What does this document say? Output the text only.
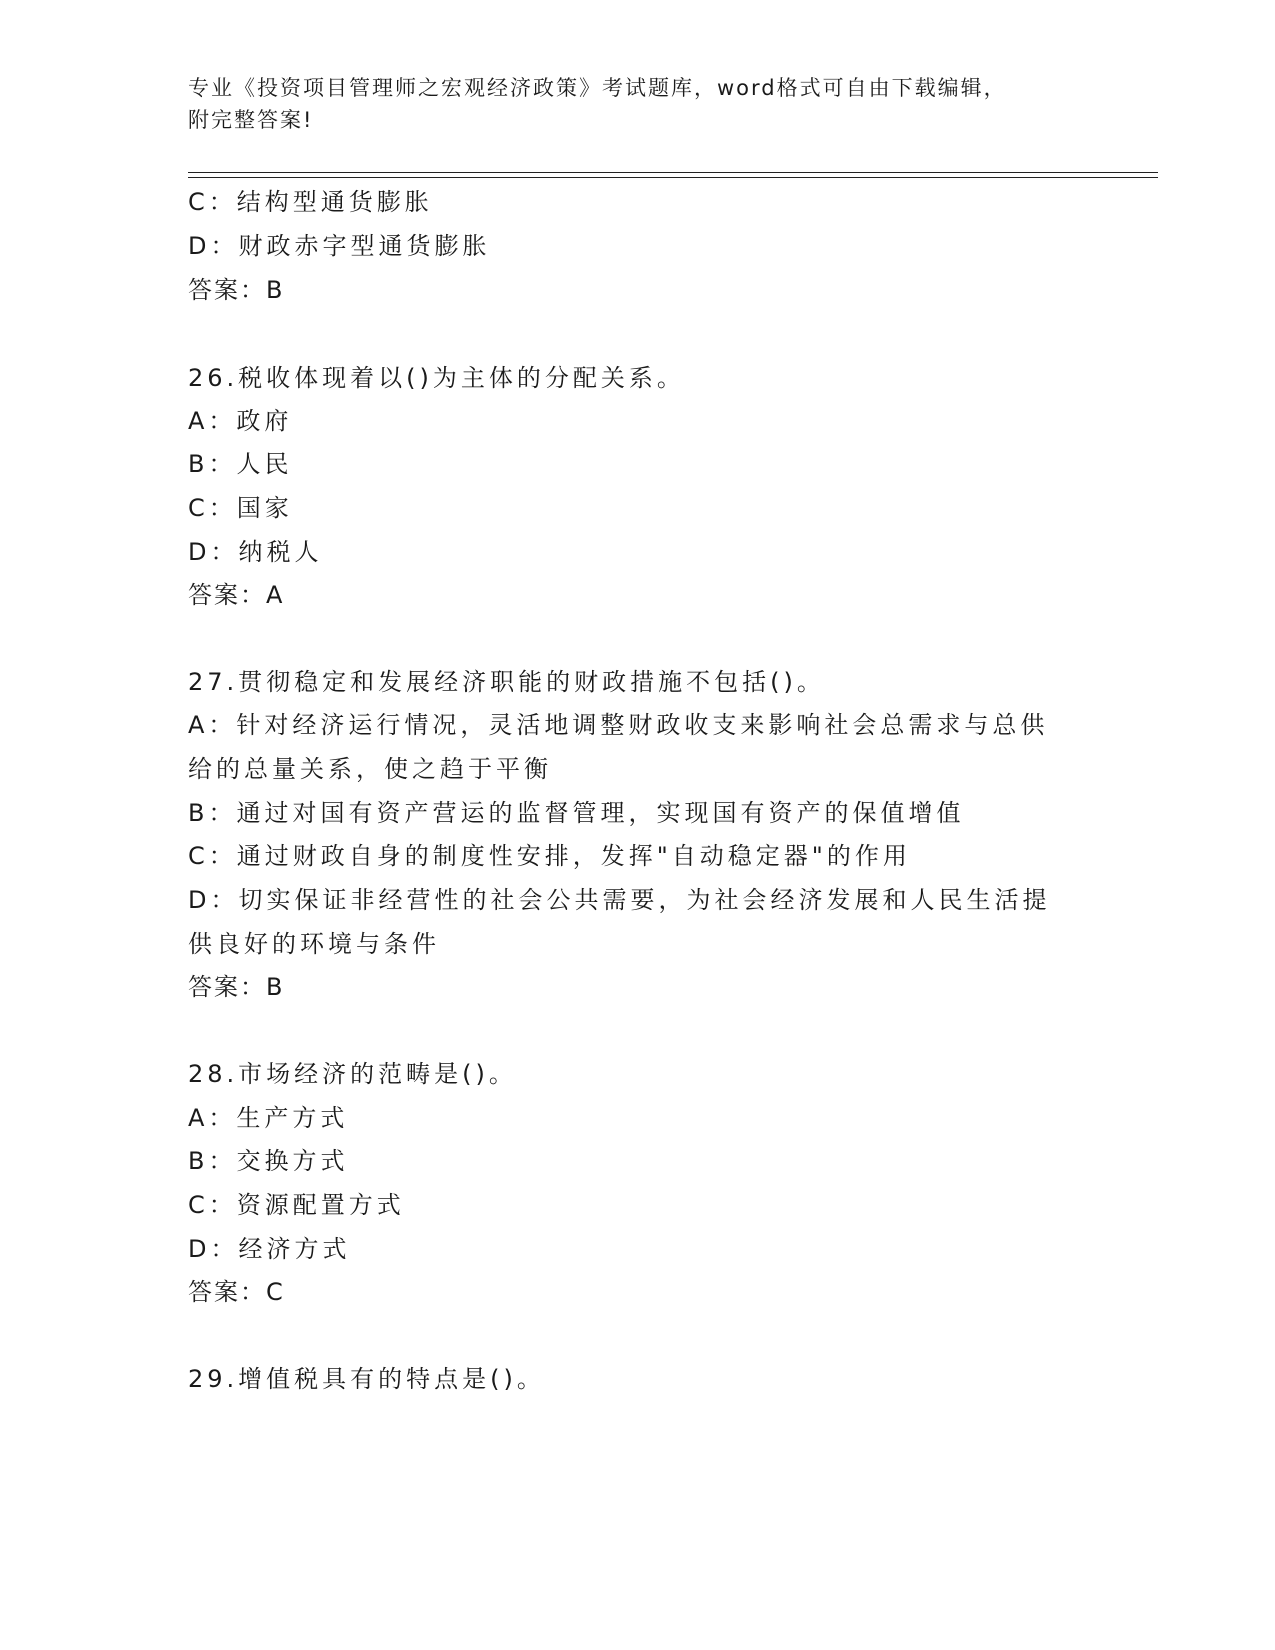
专业《投资项目管理师之宏观经济政策》考试题库，word格式可自由下载编辑，
附完整答案!
C：结构型通货膨胀
D：财政赤字型通货膨胀
答案：B
26.税收体现着以()为主体的分配关系。
A：政府
B：人民
C：国家
D：纳税人
答案：A
27.贯彻稳定和发展经济职能的财政措施不包括()。
A：针对经济运行情况，灵活地调整财政收支来影响社会总需求与总供
给的总量关系，使之趋于平衡
B：通过对国有资产营运的监督管理，实现国有资产的保值增值
C：通过财政自身的制度性安排，发挥"自动稳定器"的作用
D：切实保证非经营性的社会公共需要，为社会经济发展和人民生活提
供良好的环境与条件
答案：B
28.市场经济的范畴是()。
A：生产方式
B：交换方式
C：资源配置方式
D：经济方式
答案：C
29.增值税具有的特点是()。
